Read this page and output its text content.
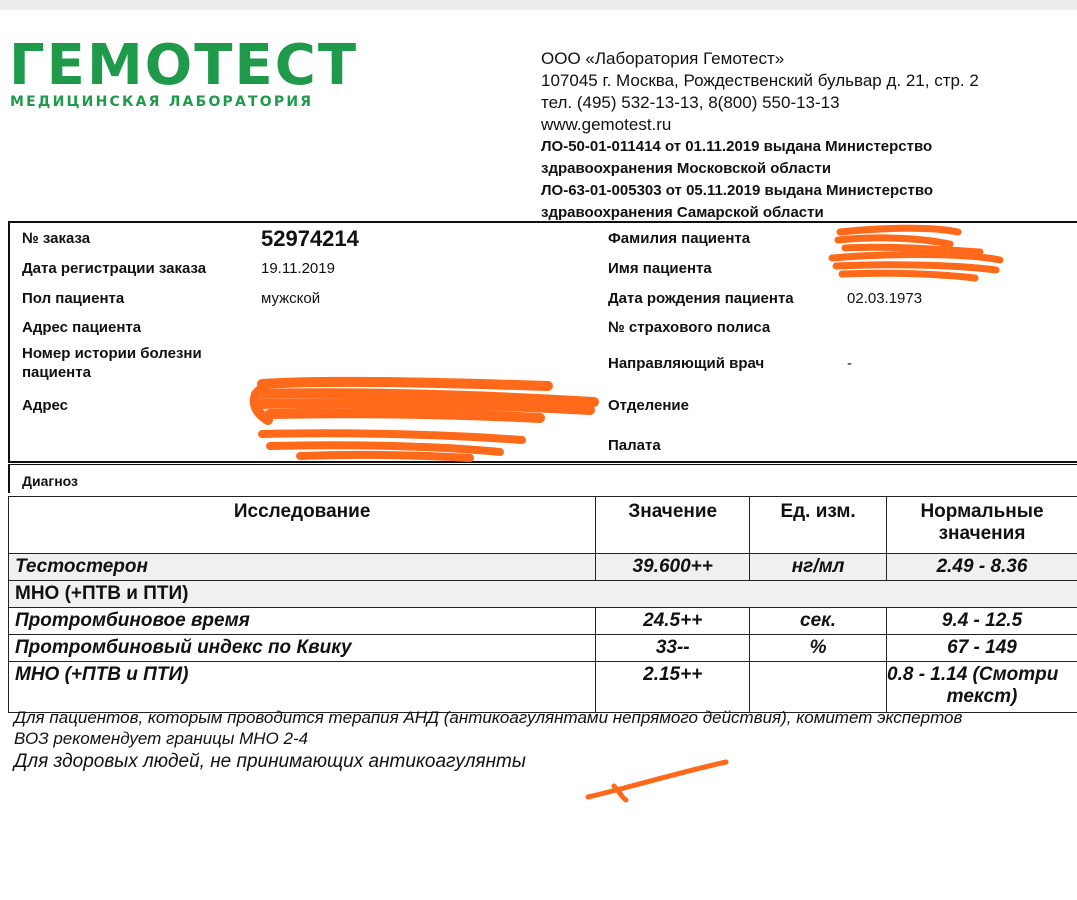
ГЕМОТЕСТ
МЕДИЦИНСКАЯ ЛАБОРАТОРИЯ
ООО «Лаборатория Гемотест»
107045 г. Москва, Рождественский бульвар д. 21, стр. 2
тел. (495) 532-13-13, 8(800) 550-13-13
www.gemotest.ru
ЛО-50-01-011414 от 01.11.2019 выдана Министерство
здравоохранения Московской области
ЛО-63-01-005303 от 05.11.2019 выдана Министерство
здравоохранения Самарской области
№ заказа	52974214
Дата регистрации заказа	19.11.2019
Пол пациента	мужской
Адрес пациента
Номер истории болезни
пациента
Адрес
Фамилия пациента
Имя пациента
Дата рождения пациента	02.03.1973
№ страхового полиса
Направляющий врач	-
Отделение
Палата
Диагноз
Исследование	Значение	Ед. изм.	Нормальные значения
Тестостерон	39.600++	нг/мл	2.49 - 8.36
МНО (+ПТВ и ПТИ)			
Протромбиновое время	24.5++	сек.	9.4 - 12.5
Протромбиновый индекс по Квику	33--	%	67 - 149
МНО (+ПТВ и ПТИ)	2.15++		0.8 - 1.14 (Смотри
текст)
Для пациентов, которым проводится терапия АНД (антикоагулянтами непрямого действия), комитет экспертов
ВОЗ рекомендует границы МНО 2-4
Для здоровых людей, не принимающих антикоагулянты
